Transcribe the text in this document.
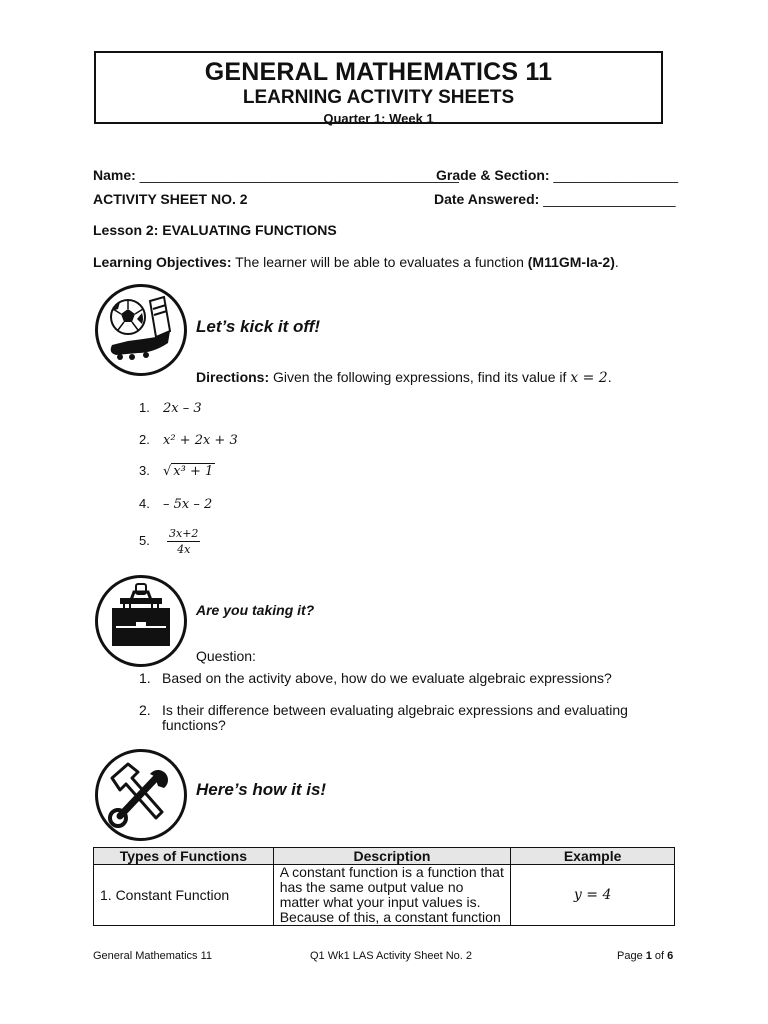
GENERAL MATHEMATICS 11
LEARNING ACTIVITY SHEETS
Quarter 1: Week 1
Name: _________________________________________
Grade & Section: ________________
ACTIVITY SHEET NO. 2	Date Answered: _________________
Lesson 2: EVALUATING FUNCTIONS
Learning Objectives: The learner will be able to evaluates a function (M11GM-Ia-2).
Let’s kick it off!
Directions: Given the following expressions, find its value if x = 2.
1. 2x – 3
2. x² + 2x + 3
3. √ x³ + 1
4. – 5x – 2
5. $\frac{3x+2}{4x}$
Are you taking it?
Question:
1. Based on the activity above, how do we evaluate algebraic expressions?
2. Is their difference between evaluating algebraic expressions and evaluating functions?
Here’s how it is!
Types of Functions	Description	Example
1. Constant Function	A constant function is a function that has the same output value no matter what your input values is. Because of this, a constant function	y = 4
General Mathematics 11	Q1 Wk1 LAS Activity Sheet No. 2	Page 1 of 6
